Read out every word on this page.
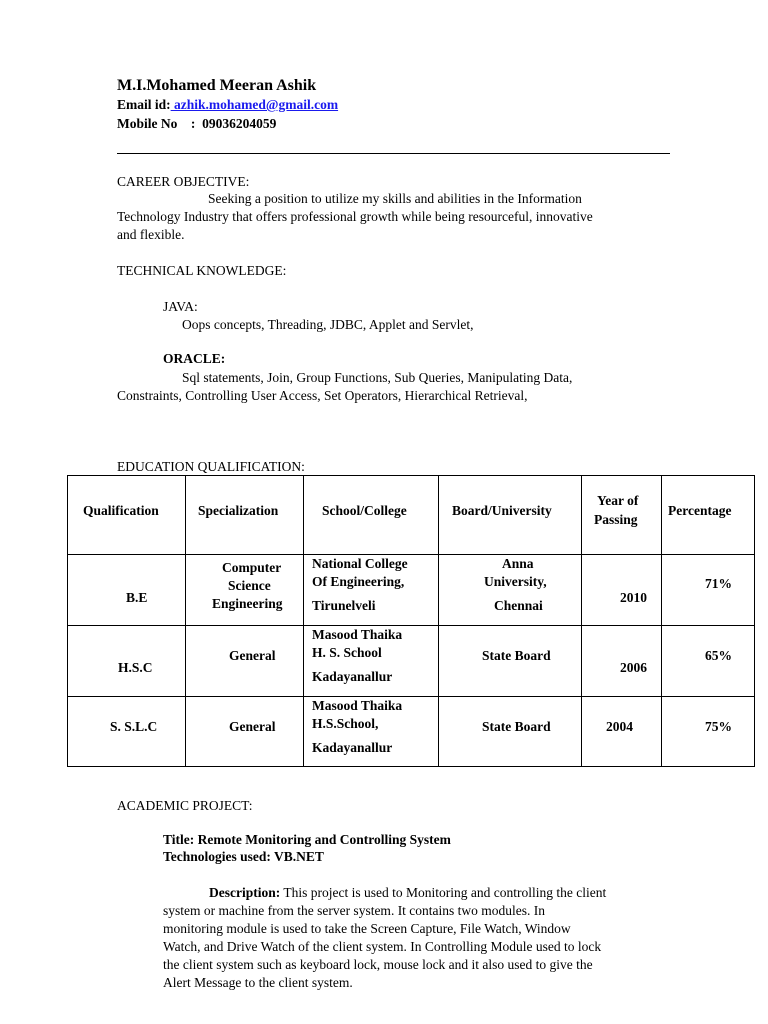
M.I.Mohamed Meeran Ashik
Email id: azhik.mohamed@gmail.com
Mobile No    : 09036204059
CAREER OBJECTIVE:
Seeking a position to utilize my skills and abilities in the Information
Technology Industry that offers professional growth while being resourceful, innovative
and flexible.
TECHNICAL KNOWLEDGE:
JAVA:
Oops concepts, Threading, JDBC, Applet and Servlet,
ORACLE:
Sql statements, Join, Group Functions, Sub Queries, Manipulating Data,
Constraints, Controlling User Access, Set Operators, Hierarchical Retrieval,
EDUCATION QUALIFICATION:
Qualification	Specialization	School/College	Board/University	Year of
Passing	Percentage

B.E	Computer
Science
Engineering	National College
Of Engineering,
Tirunelveli	Anna
University,
Chennai	2010	71%

H.S.C	General	Masood Thaika
H. S. School
Kadayanallur	State Board	2006	65%

S. S.L.C	General	Masood Thaika
H.S.School,
Kadayanallur	State Board	2004	75%
ACADEMIC PROJECT:
Title: Remote Monitoring and Controlling System
Technologies used: VB.NET
Description: This project is used to Monitoring and controlling the client
system or machine from the server system. It contains two modules. In
monitoring module is used to take the Screen Capture, File Watch, Window
Watch, and Drive Watch of the client system. In Controlling Module used to lock
the client system such as keyboard lock, mouse lock and it also used to give the
Alert Message to the client system.
